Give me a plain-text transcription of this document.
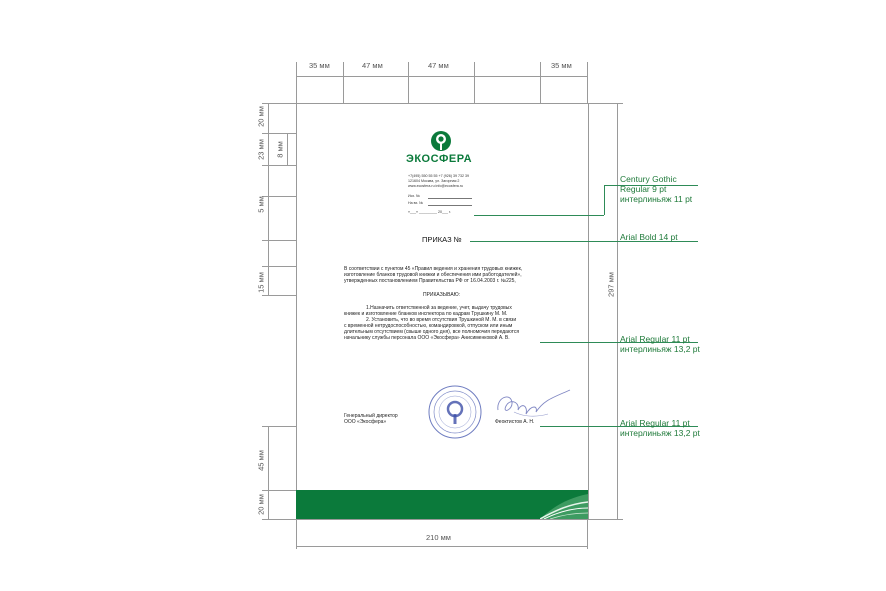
35 мм	47 мм	47 мм	35 мм
20 мм
23 мм 8 мм
5 мм
15 мм
45 мм
20 мм
297 мм
210 мм
ЭКОСФЕРА
+7(495) 550 55 55 +7 (926) 39 732 39
121604 Москва, ул. Загорная 2
www.ecosfera.ru info@ecosfera.ru
Исх. №
На вх. №
«___» _________ 20___ г.
ПРИКАЗ №
В соответствии с пунктом 45 «Правил ведения и хранения трудовых книжек,
изготовление бланков трудовой книжки и обеспечения ими работодателей»,
утвержденных постановлением Правительства РФ от 16.04.2003 г. №225,
ПРИКАЗЫВАЮ:
1.Назначить ответственной за ведение, учет, выдачу трудовых
книжек и изготовление бланков инспектора по кадрам Трушкину М. М.
2. Установить, что во время отсутствия Трушкиной М. М. в связи
с временной нетрудоспособностью, командировкой, отпуском или иным
длительным отсутствием (свыше одного дня), все полномочия передаются
начальнику службы персонала ООО «Экосфера» Анисименковой А. В.
Генеральный директор
ООО «Экосфера»	Феоктистов А. Н.
Century Gothic
Regular 9 pt
интерлиньяж 11 pt
Arial Bold 14 pt
Arial Regular 11 pt
интерлиньяж 13,2 pt
Arial Regular 11 pt
интерлиньяж 13,2 pt
